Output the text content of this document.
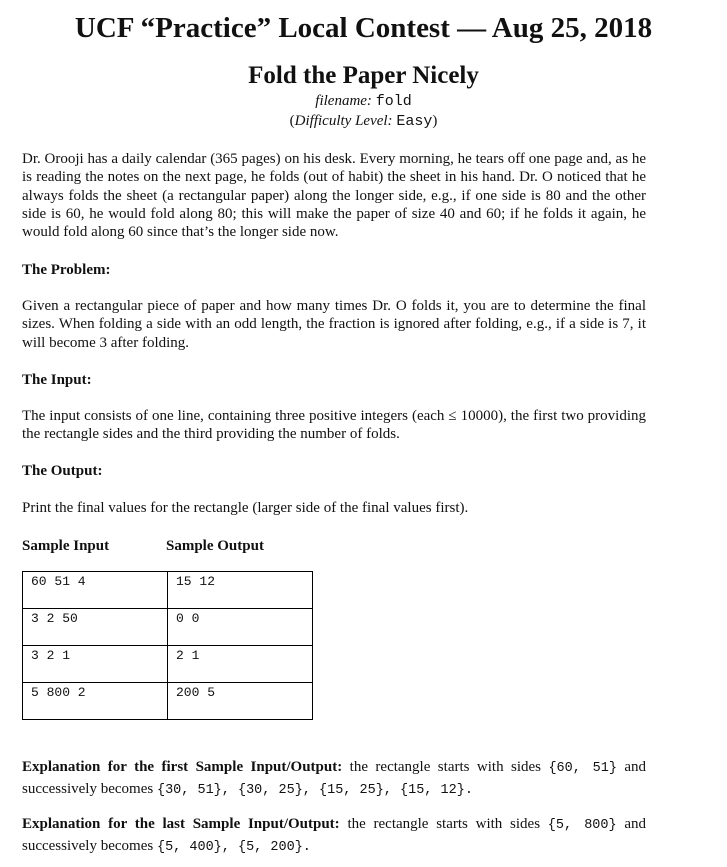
UCF “Practice” Local Contest — Aug 25, 2018
Fold the Paper Nicely
filename: fold
(Difficulty Level: Easy)
Dr. Orooji has a daily calendar (365 pages) on his desk. Every morning, he tears off one page and, as he is reading the notes on the next page, he folds (out of habit) the sheet in his hand. Dr. O noticed that he always folds the sheet (a rectangular paper) along the longer side, e.g., if one side is 80 and the other side is 60, he would fold along 80; this will make the paper of size 40 and 60; if he folds it again, he would fold along 60 since that’s the longer side now.
The Problem:
Given a rectangular piece of paper and how many times Dr. O folds it, you are to determine the final sizes. When folding a side with an odd length, the fraction is ignored after folding, e.g., if a side is 7, it will become 3 after folding.
The Input:
The input consists of one line, containing three positive integers (each ≤ 10000), the first two providing the rectangle sides and the third providing the number of folds.
The Output:
Print the final values for the rectangle (larger side of the final values first).
Sample Input	Sample Output
60 51 4	15 12

3 2 50	0 0

3 2 1	2 1

5 800 2	200 5
Explanation for the first Sample Input/Output: the rectangle starts with sides {60, 51} and
successively becomes {30, 51}, {30, 25}, {15, 25}, {15, 12}.
Explanation for the last Sample Input/Output: the rectangle starts with sides {5, 800} and
successively becomes {5, 400}, {5, 200}.
